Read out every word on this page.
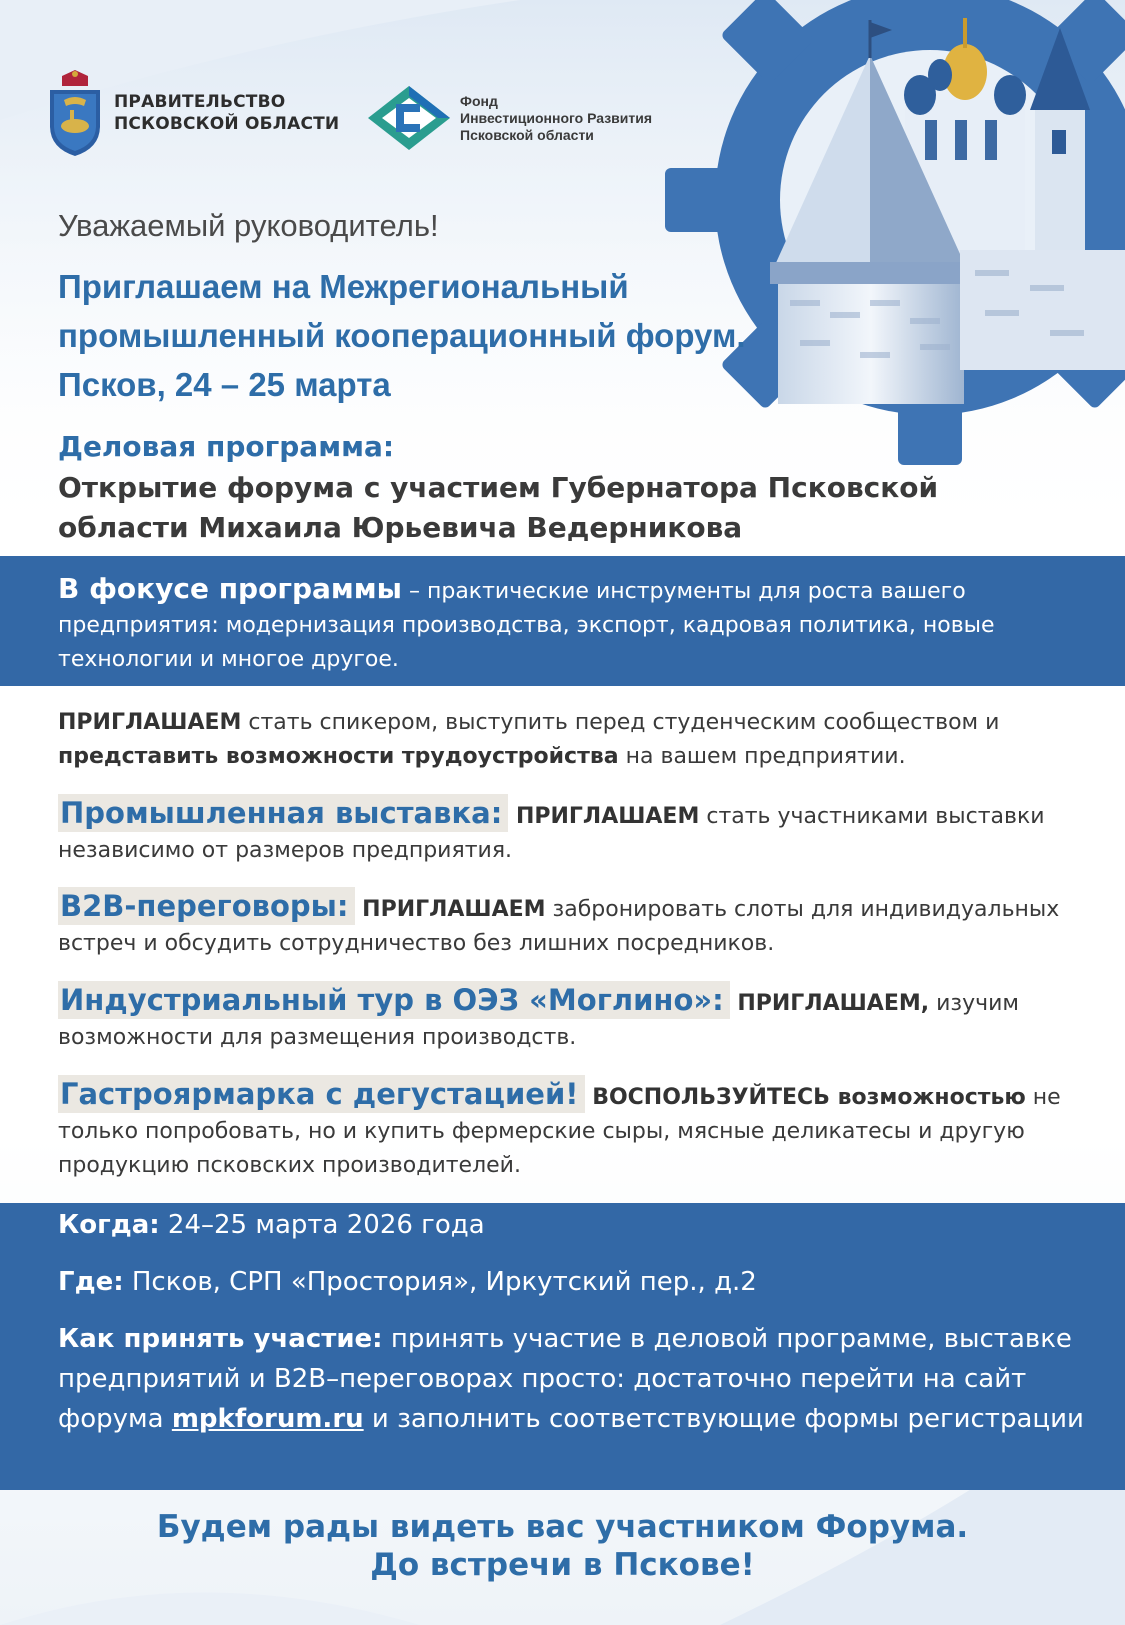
ПРАВИТЕЛЬСТВО
ПСКОВСКОЙ ОБЛАСТИ
Фонд
Инвестиционного Развития
Псковской области
Уважаемый руководитель!
Приглашаем на Межрегиональный
промышленный кооперационный форум.
Псков, 24 – 25 марта
Деловая программа:
Открытие форума с участием Губернатора Псковской области Михаила Юрьевича Ведерникова
В фокусе программы – практические инструменты для роста вашего предприятия: модернизация производства, экспорт, кадровая политика, новые технологии и многое другое.
ПРИГЛАШАЕМ стать спикером, выступить перед студенческим сообществом и представить возможности трудоустройства на вашем предприятии.
Промышленная выставка: ПРИГЛАШАЕМ стать участниками выставки независимо от размеров предприятия.
B2B-переговоры: ПРИГЛАШАЕМ забронировать слоты для индивидуальных встреч и обсудить сотрудничество без лишних посредников.
Индустриальный тур в ОЭЗ «Моглино»: ПРИГЛАШАЕМ, изучим возможности для размещения производств.
Гастроярмарка с дегустацией! ВОСПОЛЬЗУЙТЕСЬ возможностью не только попробовать, но и купить фермерские сыры, мясные деликатесы и другую продукцию псковских производителей.
Когда: 24–25 марта 2026 года
Где: Псков, СРП «Простория», Иркутский пер., д.2
Как принять участие: принять участие в деловой программе, выставке предприятий и B2B–переговорах просто: достаточно перейти на сайт форума mpkforum.ru и заполнить соответствующие формы регистрации
Будем рады видеть вас участником Форума.
До встречи в Пскове!
